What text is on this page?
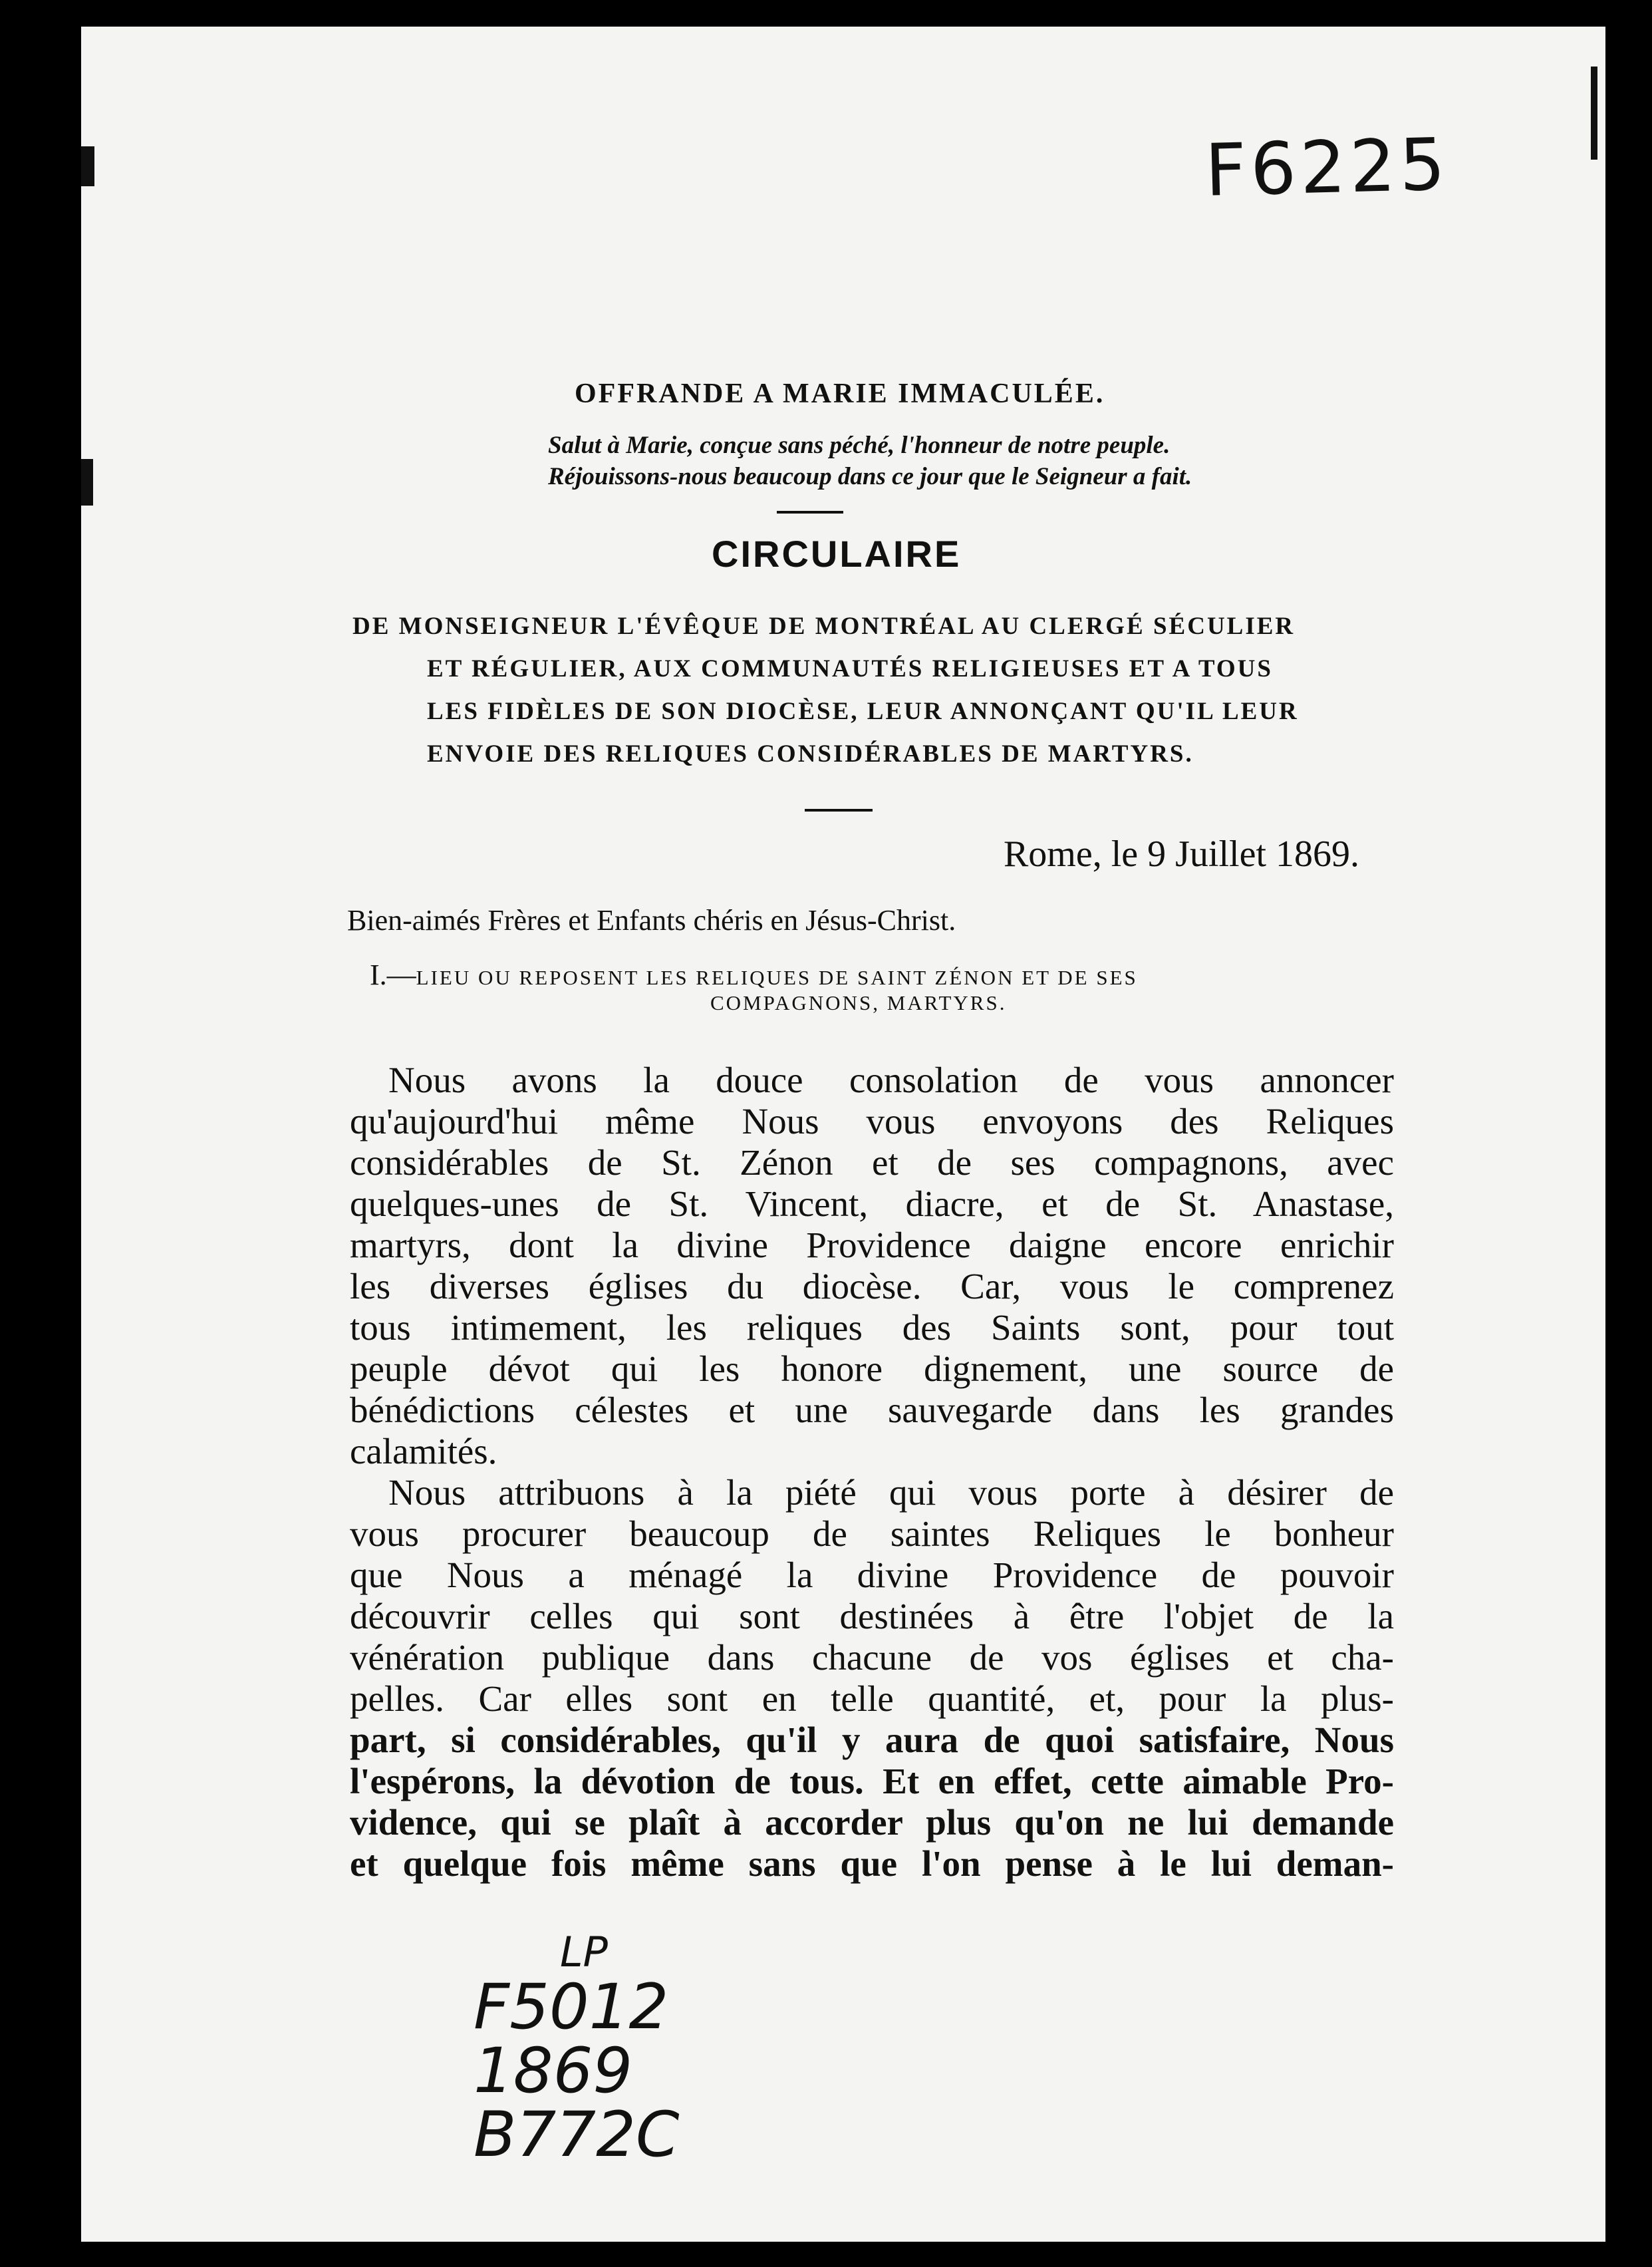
F6225
OFFRANDE A MARIE IMMACULÉE.
Salut à Marie, conçue sans péché, l'honneur de notre peuple.
Réjouissons-nous beaucoup dans ce jour que le Seigneur a fait.
CIRCULAIRE
DE MONSEIGNEUR L'ÉVÊQUE DE MONTRÉAL AU CLERGÉ SÉCULIER
ET RÉGULIER, AUX COMMUNAUTÉS RELIGIEUSES ET A TOUS
LES FIDÈLES DE SON DIOCÈSE, LEUR ANNONÇANT QU'IL LEUR
ENVOIE DES RELIQUES CONSIDÉRABLES DE MARTYRS.
Rome, le 9 Juillet 1869.
Bien-aimés Frères et Enfants chéris en Jésus-Christ.
I.—LIEU OU REPOSENT LES RELIQUES DE SAINT ZÉNON ET DE SES
COMPAGNONS, MARTYRS.
Nous avons la douce consolation de vous annoncer
qu'aujourd'hui même Nous vous envoyons des Reliques
considérables de St. Zénon et de ses compagnons, avec
quelques-unes de St. Vincent, diacre, et de St. Anastase,
martyrs, dont la divine Providence daigne encore enrichir
les diverses églises du diocèse. Car, vous le comprenez
tous intimement, les reliques des Saints sont, pour tout
peuple dévot qui les honore dignement, une source de
bénédictions célestes et une sauvegarde dans les grandes
calamités.
Nous attribuons à la piété qui vous porte à désirer de
vous procurer beaucoup de saintes Reliques le bonheur
que Nous a ménagé la divine Providence de pouvoir
découvrir celles qui sont destinées à être l'objet de la
vénération publique dans chacune de vos églises et cha-
pelles. Car elles sont en telle quantité, et, pour la plus-
part, si considérables, qu'il y aura de quoi satisfaire, Nous
l'espérons, la dévotion de tous. Et en effet, cette aimable Pro-
vidence, qui se plaît à accorder plus qu'on ne lui demande
et quelque fois même sans que l'on pense à le lui deman-
LP
F5012
1869
B772C
